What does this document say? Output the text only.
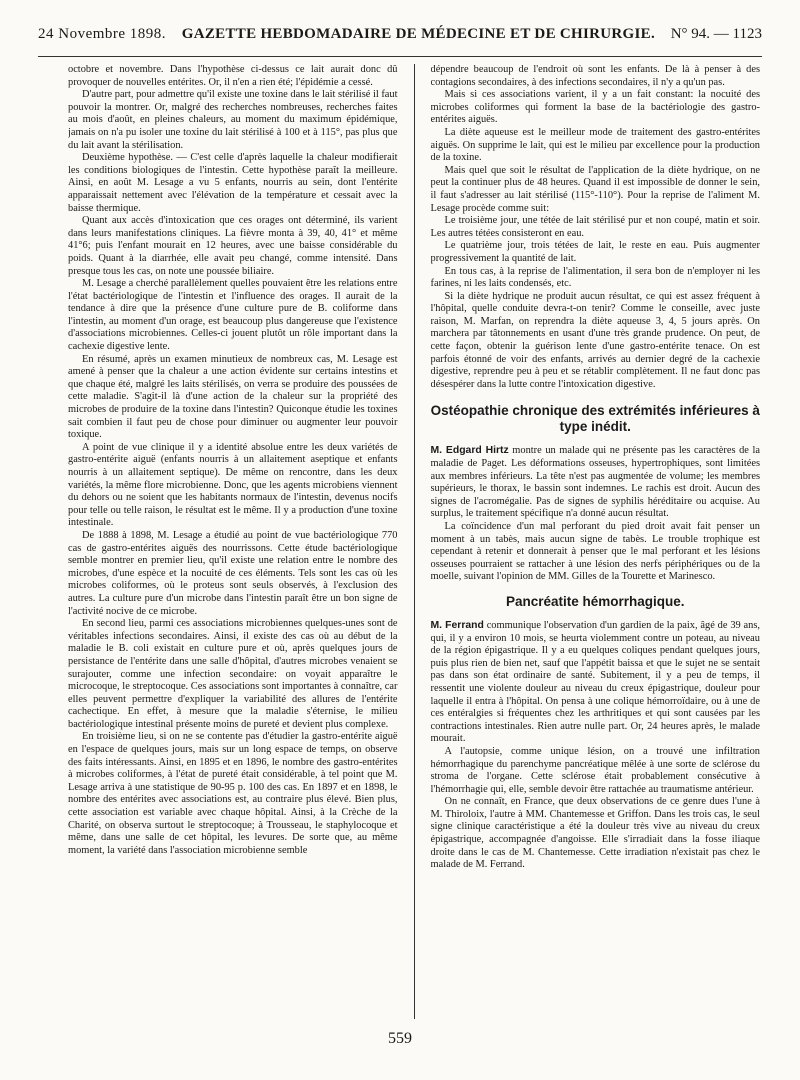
24 Novembre 1898. GAZETTE HEBDOMADAIRE DE MÉDECINE ET DE CHIRURGIE. N° 94. — 1123

octobre et novembre. Dans l'hypothèse ci-dessus ce lait aurait donc dû provoquer de nouvelles entérites. Or, il n'en a rien été; l'épidémie a cessé.

D'autre part, pour admettre qu'il existe une toxine dans le lait stérilisé il faut pouvoir la montrer. Or, malgré des recherches nombreuses, recherches faites au mois d'août, en pleines chaleurs, au moment du maximum épidémique, jamais on n'a pu isoler une toxine du lait stérilisé à 100 et à 115°, pas plus que du lait avant la stérilisation.

Deuxième hypothèse. — C'est celle d'après laquelle la chaleur modifierait les conditions biologiques de l'intestin. Cette hypothèse paraît la meilleure. Ainsi, en août M. Lesage a vu 5 enfants, nourris au sein, dont l'entérite apparaissait nettement avec l'élévation de la température et cessait avec la baisse thermique.

Quant aux accès d'intoxication que ces orages ont déterminé, ils varient dans leurs manifestations cliniques. La fièvre monta à 39, 40, 41° et même 41°6; puis l'enfant mourait en 12 heures, avec une baisse considérable du poids. Quant à la diarrhée, elle avait peu changé, comme intensité. Dans presque tous les cas, on note une poussée biliaire.

M. Lesage a cherché parallèlement quelles pouvaient être les relations entre l'état bactériologique de l'intestin et l'influence des orages. Il aurait de la tendance à dire que la présence d'une culture pure de B. coliforme dans l'intestin, au moment d'un orage, est beaucoup plus dangereuse que l'existence d'associations microbiennes. Celles-ci jouent plutôt un rôle important dans la cachexie digestive lente.

En résumé, après un examen minutieux de nombreux cas, M. Lesage est amené à penser que la chaleur a une action évidente sur certains intestins et que chaque été, malgré les laits stérilisés, on verra se produire des poussées de cette maladie. S'agit-il là d'une action de la chaleur sur la propriété des microbes de produire de la toxine dans l'intestin? Quiconque étudie les toxines sait combien il faut peu de chose pour diminuer ou augmenter leur pouvoir toxique.

A point de vue clinique il y a identité absolue entre les deux variétés de gastro-entérite aiguë (enfants nourris à un allaitement aseptique et enfants nourris à un allaitement septique). De même on rencontre, dans les deux variétés, la même flore microbienne. Donc, que les agents microbiens viennent du dehors ou ne soient que les habitants normaux de l'intestin, devenus nocifs pour telle ou telle raison, le résultat est le même. Il y a production d'une toxine intestinale.

De 1888 à 1898, M. Lesage a étudié au point de vue bactériologique 770 cas de gastro-entérites aiguës des nourrissons. Cette étude bactériologique semble montrer en premier lieu, qu'il existe une relation entre le nombre des microbes, d'une espèce et la nocuité de ces éléments. Tels sont les cas où les microbes coliformes, où le proteus sont seuls observés, à l'exclusion des autres. La culture pure d'un microbe dans l'intestin paraît être un bon signe de l'activité nocive de ce microbe.

En second lieu, parmi ces associations microbiennes quelques-unes sont de véritables infections secondaires. Ainsi, il existe des cas où au début de la maladie le B. coli existait en culture pure et où, après quelques jours de persistance de l'entérite dans une salle d'hôpital, d'autres microbes venaient se surajouter, comme une infection secondaire: on voyait apparaître le microcoque, le streptocoque. Ces associations sont importantes à connaître, car elles peuvent permettre d'expliquer la variabilité des allures de l'entérite cachectique. En effet, à mesure que la maladie s'éternise, le milieu bactériologique intestinal présente moins de pureté et devient plus complexe.

En troisième lieu, si on ne se contente pas d'étudier la gastro-entérite aiguë en l'espace de quelques jours, mais sur un long espace de temps, on observe des faits intéressants. Ainsi, en 1895 et en 1896, le nombre des gastro-entérites à microbes coliformes, à l'état de pureté était considérable, à tel point que M. Lesage arriva à une statistique de 90-95 p. 100 des cas. En 1897 et en 1898, le nombre des entérites avec associations est, au contraire plus élevé. Bien plus, cette association est variable avec chaque hôpital. Ainsi, à la Crèche de la Charité, on observa surtout le streptocoque; à Trousseau, le staphylocoque et même, dans une salle de cet hôpital, les levures. De sorte que, au même moment, la variété dans l'association microbienne semble

dépendre beaucoup de l'endroit où sont les enfants. De là à penser à des contagions secondaires, à des infections secondaires, il n'y a qu'un pas.

Mais si ces associations varient, il y a un fait constant: la nocuité des microbes coliformes qui forment la base de la bactériologie des gastro-entérites aiguës.

La diète aqueuse est le meilleur mode de traitement des gastro-entérites aiguës. On supprime le lait, qui est le milieu par excellence pour la production de la toxine.

Mais quel que soit le résultat de l'application de la diète hydrique, on ne peut la continuer plus de 48 heures. Quand il est impossible de donner le sein, il faut s'adresser au lait stérilisé (115°-110°). Pour la reprise de l'aliment M. Lesage procède comme suit:

Le troisième jour, une tétée de lait stérilisé pur et non coupé, matin et soir. Les autres tétées consisteront en eau.

Le quatrième jour, trois tétées de lait, le reste en eau. Puis augmenter progressivement la quantité de lait.

En tous cas, à la reprise de l'alimentation, il sera bon de n'employer ni les farines, ni les laits condensés, etc.

Si la diète hydrique ne produit aucun résultat, ce qui est assez fréquent à l'hôpital, quelle conduite devra-t-on tenir? Comme le conseille, avec juste raison, M. Marfan, on reprendra la diète aqueuse 3, 4, 5 jours après. On marchera par tâtonnements en usant d'une très grande prudence. On peut, de cette façon, obtenir la guérison lente d'une gastro-entérite tenace. On est parfois étonné de voir des enfants, arrivés au dernier degré de la cachexie digestive, reprendre peu à peu et se rétablir complètement. Il ne faut donc pas désespérer dans la lutte contre l'intoxication digestive.

Ostéopathie chronique des extrémités inférieures à type inédit.

M. Edgard Hirtz montre un malade qui ne présente pas les caractères de la maladie de Paget. Les déformations osseuses, hypertrophiques, sont limitées aux membres inférieurs. La tête n'est pas augmentée de volume; les membres supérieurs, le thorax, le bassin sont indemnes. Le rachis est droit. Aucun des signes de l'acromégalie. Pas de signes de syphilis héréditaire ou acquise. Au surplus, le traitement spécifique n'a donné aucun résultat.

La coïncidence d'un mal perforant du pied droit avait fait penser un moment à un tabès, mais aucun signe de tabès. Le trouble trophique est cependant à retenir et donnerait à penser que le mal perforant et les lésions osseuses pourraient se rattacher à une lésion des nerfs périphériques ou de la moelle, suivant l'opinion de MM. Gilles de la Tourette et Marinesco.

Pancréatite hémorrhagique.

M. Ferrand communique l'observation d'un gardien de la paix, âgé de 39 ans, qui, il y a environ 10 mois, se heurta violemment contre un poteau, au niveau de la région épigastrique. Il y a eu quelques coliques pendant quelques jours, puis plus rien de bien net, sauf que l'appétit baissa et que le sujet ne se sentait pas dans son état ordinaire de santé. Subitement, il y a peu de temps, il ressentit une violente douleur au niveau du creux épigastrique, douleur pour laquelle il entra à l'hôpital. On pensa à une colique hémorroïdaire, ou à une de ces entéralgies si fréquentes chez les arthritiques et qui sont causées par les contractions intestinales. Rien autre nulle part. Or, 24 heures après, le malade mourait.

A l'autopsie, comme unique lésion, on a trouvé une infiltration hémorrhagique du parenchyme pancréatique mêlée à une sorte de sclérose du stroma de l'organe. Cette sclérose était probablement consécutive à l'hémorrhagie qui, elle, semble devoir être rattachée au traumatisme antérieur.

On ne connaît, en France, que deux observations de ce genre dues l'une à M. Thiroloix, l'autre à MM. Chantemesse et Griffon. Dans les trois cas, le seul signe clinique caractéristique a été la douleur très vive au niveau du creux épigastrique, accompagnée d'angoisse. Elle s'irradiait dans la fosse iliaque droite dans le cas de M. Chantemesse. Cette irradiation n'existait pas chez le malade de M. Ferrand.

559
